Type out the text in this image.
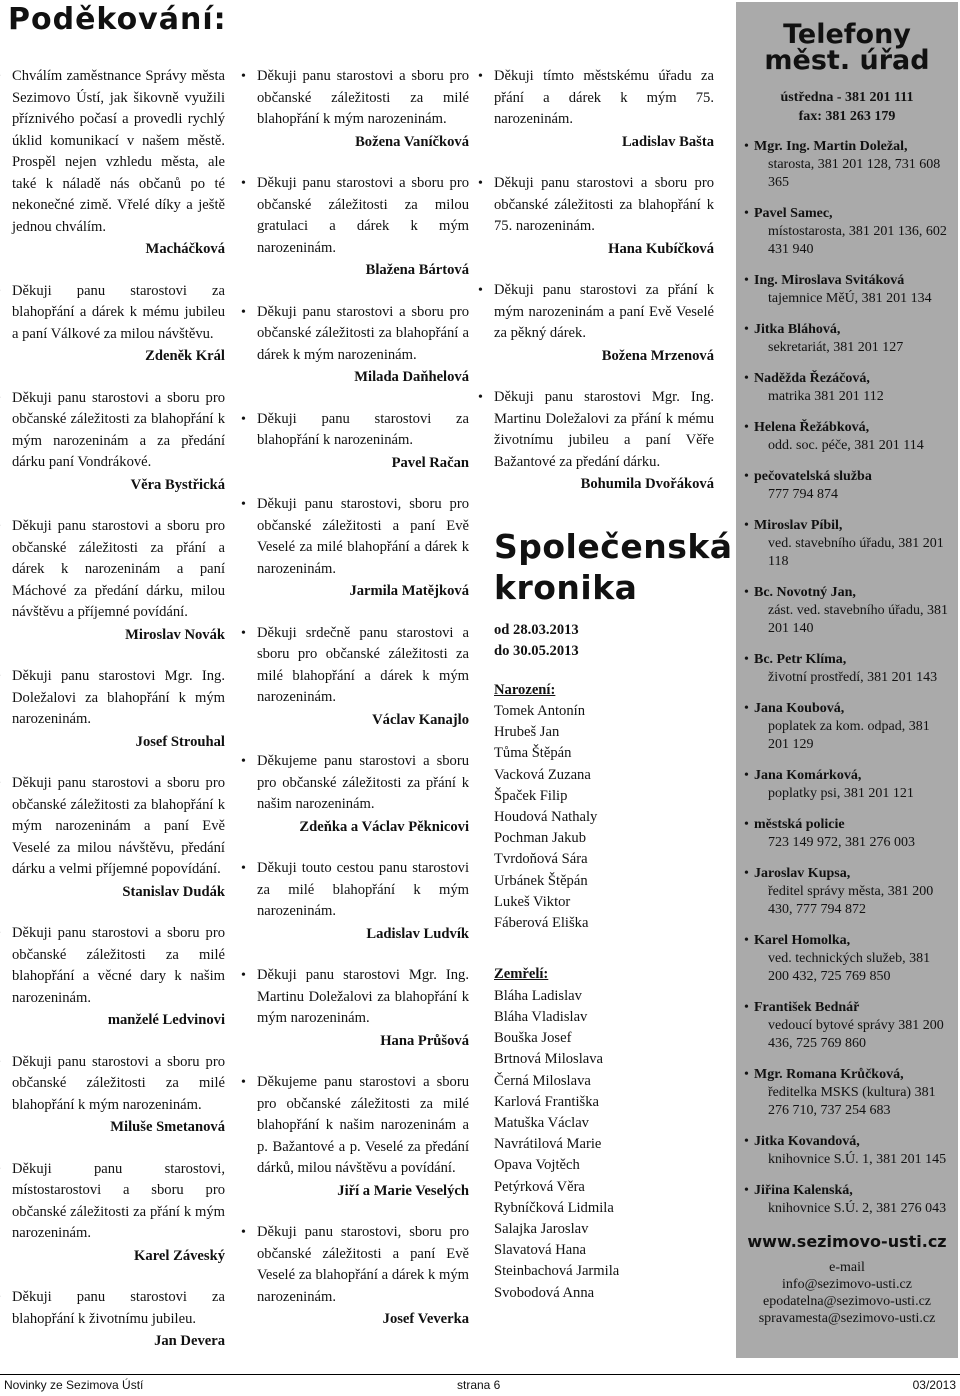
Poděkování:

• Chválím zaměstnance Správy města Sezimovo Ústí, jak šikovně využili příznivého počasí a provedli rychlý úklid komunikací v našem městě. Prospěl nejen vzhledu města, ale také k náladě nás občanů po té nekonečné zimě. Vřelé díky a ještě jednou chválím.

Macháčková

• Děkuji panu starostovi za blahopřání a dárek k mému jubileu a paní Válkové za milou návštěvu.

Zdeněk Král

• Děkuji panu starostovi a sboru pro občanské záležitosti za blahopřání k mým narozeninám a za předání dárku paní Vondrákové.

Věra Bystřická

• Děkuji panu starostovi a sboru pro občanské záležitosti za přání a dárek k narozeninám a paní Máchové za předání dárku, milou návštěvu a příjemné povídání.

Miroslav Novák

• Děkuji panu starostovi Mgr. Ing. Doležalovi za blahopřání k mým narozeninám.

Josef Strouhal

• Děkuji panu starostovi a sboru pro občanské záležitosti za blahopřání k mým narozeninám a paní Evě Veselé za milou návštěvu, předání dárku a velmi příjemné popovídání.

Stanislav Dudák

• Děkuji panu starostovi a sboru pro občanské záležitosti za milé blahopřání a věcné dary k našim narozeninám.

manželé Ledvinovi

• Děkuji panu starostovi a sboru pro občanské záležitosti za milé blahopřání k mým narozeninám.

Miluše Smetanová

• Děkuji panu starostovi, místostarostovi a sboru pro občanské záležitosti za přání k mým narozeninám.

Karel Záveský

• Děkuji panu starostovi za blahopřání k životnímu jubileu.

Jan Devera

• Děkuji panu starostovi a sboru pro občanské záležitosti za milé blahopřání k mým narozeninám.

Božena Vaníčková

• Děkuji panu starostovi a sboru pro občanské záležitosti za milou gratulaci a dárek k mým narozeninám.

Blažena Bártová

• Děkuji panu starostovi a sboru pro občanské záležitosti za blahopřání a dárek k mým narozeninám.

Milada Daňhelová

• Děkuji panu starostovi za blahopřání k narozeninám.

Pavel Račan

• Děkuji panu starostovi, sboru pro občanské záležitosti a paní Evě Veselé za milé blahopřání a dárek k narozeninám.

Jarmila Matějková

• Děkuji srdečně panu starostovi a sboru pro občanské záležitosti za milé blahopřání a dárek k mým narozeninám.

Václav Kanajlo

• Děkujeme panu starostovi a sboru pro občanské záležitosti za přání k našim narozeninám.

Zdeňka a Václav Pěknicovi

• Děkuji touto cestou panu starostovi za milé blahopřání k mým narozeninám.

Ladislav Ludvík

• Děkuji panu starostovi Mgr. Ing. Martinu Doležalovi za blahopřání k mým narozeninám.

Hana Průšová

• Děkujeme panu starostovi a sboru pro občanské záležitosti za milé blahopřání k našim narozeninám a p. Bažantové a p. Veselé za předání dárků, milou návštěvu a povídání.

Jiří a Marie Veselých

• Děkuji panu starostovi, sboru pro občanské záležitosti a paní Evě Veselé za blahopřání a dárek k mým narozeninám.

Josef Veverka

• Děkuji tímto městskému úřadu za přání a dárek k mým 75. narozeninám.

Ladislav Bašta

• Děkuji panu starostovi a sboru pro občanské záležitosti za blahopřání k 75. narozeninám.

Hana Kubíčková

• Děkuji panu starostovi za přání k mým narozeninám a paní Evě Veselé za pěkný dárek.

Božena Mrzenová

• Děkuji panu starostovi Mgr. Ing. Martinu Doležalovi za přání k mému životnímu jubileu a paní Věře Bažantové za předání dárku.

Bohumila Dvořáková
Společenská
kronika
od 28.03.2013
do 30.05.2013
Narození:
Tomek Antonín
Hrubeš Jan
Tůma Štěpán
Vacková Zuzana
Špaček Filip
Houdová Nathaly
Pochman Jakub
Tvrdoňová Sára
Urbánek Štěpán
Lukeš Viktor
Fáberová Eliška
Zemřelí:
Bláha Ladislav
Bláha Vladislav
Bouška Josef
Brtnová Miloslava
Černá Miloslava
Karlová Františka
Matuška Václav
Navrátilová Marie
Opava Vojtěch
Petýrková Věra
Rybníčková Lidmila
Salajka Jaroslav
Slavatová Hana
Steinbachová Jarmila
Svobodová Anna
Telefony
měst. úřad
ústředna - 381 201 111
fax: 381 263 179
• Mgr. Ing. Martin Doležal,
starosta, 381 201 128, 731 608 365
• Pavel Samec,
místostarosta, 381 201 136, 602 431 940
• Ing. Miroslava Svitáková
tajemnice MěÚ, 381 201 134
• Jitka Bláhová,
sekretariát, 381 201 127
• Naděžda Řezáčová,
matrika 381 201 112
• Helena Řežábková,
odd. soc. péče, 381 201 114
• pečovatelská služba
777 794 874
• Miroslav Píbil,
ved. stavebního úřadu, 381 201 118
• Bc. Novotný Jan,
zást. ved. stavebního úřadu, 381 201 140
• Bc. Petr Klíma,
životní prostředí, 381 201 143
• Jana Koubová,
poplatek za kom. odpad, 381 201 129
• Jana Komárková,
poplatky psi, 381 201 121
• městská policie
723 149 972, 381 276 003
• Jaroslav Kupsa,
ředitel správy města, 381 200 430, 777 794 872
• Karel Homolka,
ved. technických služeb, 381 200 432, 725 769 850
• František Bednář
vedoucí bytové správy 381 200 436, 725 769 860
• Mgr. Romana Krůčková,
ředitelka MSKS (kultura) 381 276 710, 737 254 683
• Jitka Kovandová,
knihovnice S.Ú. 1, 381 201 145
• Jiřina Kalenská,
knihovnice S.Ú. 2, 381 276 043
www.sezimovo-usti.cz
e-mail
info@sezimovo-usti.cz
epodatelna@sezimovo-usti.cz
spravamesta@sezimovo-usti.cz
Novinky ze Sezimova Ústí	strana 6	03/2013
